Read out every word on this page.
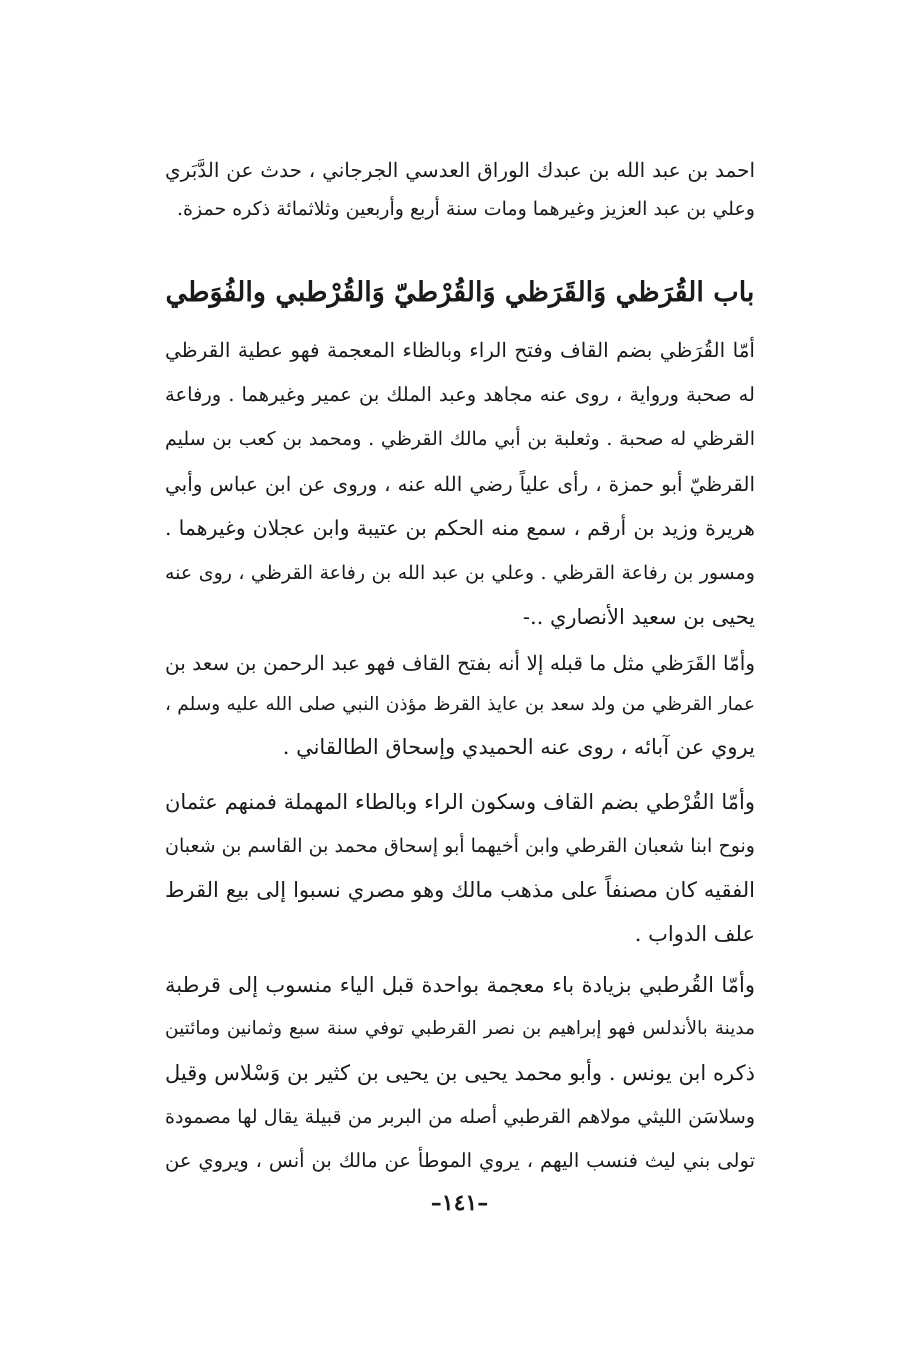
احمد بن عبد الله بن عبدك الوراق العدسي الجرجاني ، حدث عن الدَّبَري
وعلي بن عبد العزيز وغيرهما ومات سنة أربع وأربعين وثلاثمائة ذكره حمزة.
باب القُرَظي وَالقَرَظي وَالقُرْطيّ وَالقُرْطبي والفُوَطي
أمّا القُرَظي بضم القاف وفتح الراء وبالظاء المعجمة فهو عطية القرظي
له صحبة ورواية ، روى عنه مجاهد وعبد الملك بن عمير وغيرهما . ورفاعة
القرظي له صحبة . وثعلبة بن أبي مالك القرظي . ومحمد بن كعب بن سليم
القرظيّ أبو حمزة ، رأى علياً رضي الله عنه ، وروى عن ابن عباس وأبي
هريرة وزيد بن أرقم ، سمع منه الحكم بن عتيبة وابن عجلان وغيرهما .
ومسور بن رفاعة القرظي . وعلي بن عبد الله بن رفاعة القرظي ، روى عنه
يحيى بن سعيد الأنصاري ..-
وأمّا القَرَظي مثل ما قبله إلا أنه بفتح القاف فهو عبد الرحمن بن سعد بن
عمار القرظي من ولد سعد بن عايذ القرظ مؤذن النبي صلى الله عليه وسلم ،
يروي عن آبائه ، روى عنه الحميدي وإسحاق الطالقاني .
وأمّا القُرْطي بضم القاف وسكون الراء وبالطاء المهملة فمنهم عثمان
ونوح ابنا شعبان القرطي وابن أخيهما أبو إسحاق محمد بن القاسم بن شعبان
الفقيه كان مصنفاً على مذهب مالك وهو مصري نسبوا إلى بيع القرط
علف الدواب .
وأمّا القُرطبي بزيادة باء معجمة بواحدة قبل الياء منسوب إلى قرطبة
مدينة بالأندلس فهو إبراهيم بن نصر القرطبي توفي سنة سبع وثمانين ومائتين
ذكره ابن يونس . وأبو محمد يحيى بن يحيى بن كثير بن وَسْلاس وقيل
وسلاسَن الليثي مولاهم القرطبي أصله من البربر من قبيلة يقال لها مصمودة
تولى بني ليث فنسب اليهم ، يروي الموطأ عن مالك بن أنس ، ويروي عن
–١٤١–
